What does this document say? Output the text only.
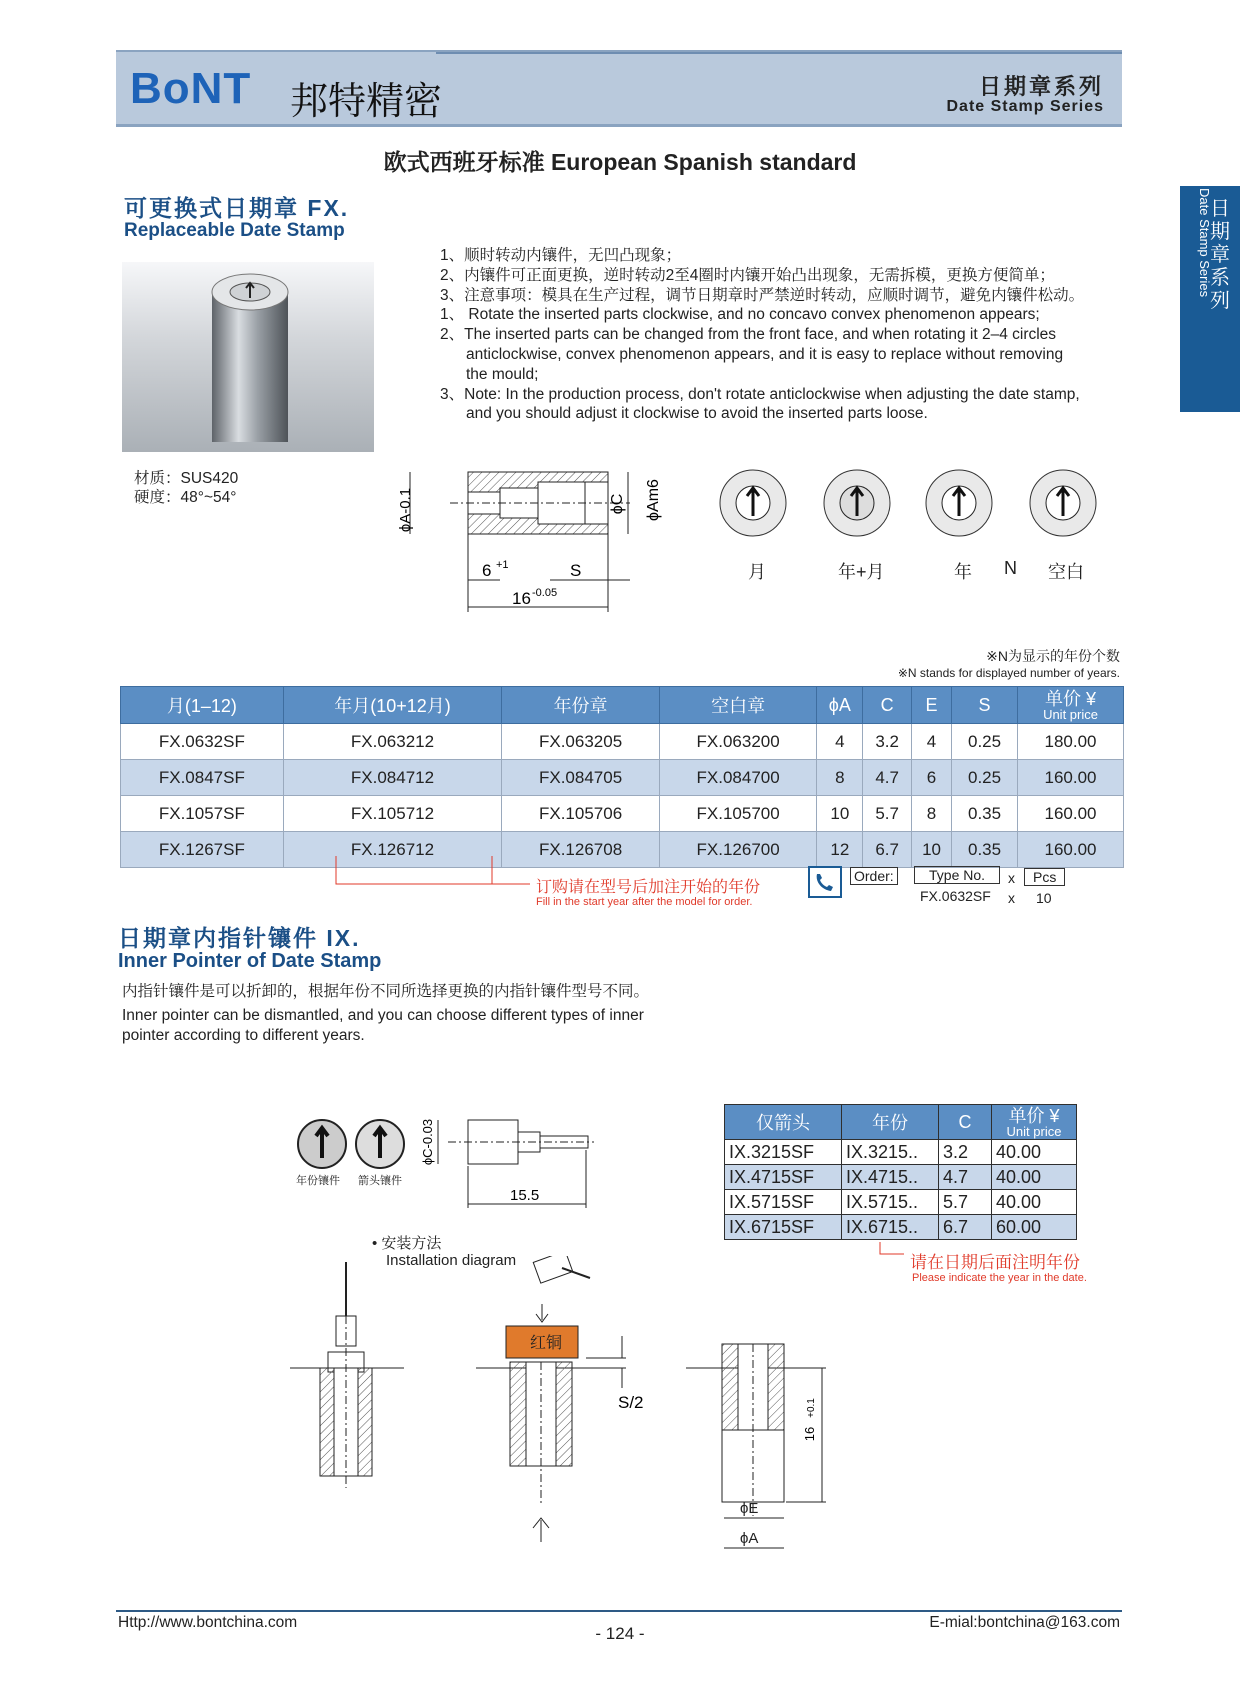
BoNT 邦特精密	日期章系列
Date Stamp Series
日期章系列
Date Stamp Series
欧式西班牙标准 European Spanish standard
可更换式日期章 FX.
Replaceable Date Stamp
1、顺时转动内镶件，无凹凸现象；
2、内镶件可正面更换，逆时转动2至4圈时内镶开始凸出现象，无需拆模，更换方便简单；
3、注意事项：模具在生产过程，调节日期章时严禁逆时转动，应顺时调节，避免内镶件松动。
1、 Rotate the inserted parts clockwise, and no concavo convex phenomenon appears;
2、The inserted parts can be changed from the front face, and when rotating it 2–4 circles
anticlockwise, convex phenomenon appears, and it is easy to replace without removing
the mould;
3、Note: In the production process, don't rotate anticlockwise when adjusting the date stamp,
and you should adjust it clockwise to avoid the inserted parts loose.
材质：SUS420
硬度：48°~54°	ϕA-0.1	ϕAm6
ϕC
6 +1	S
16 -0.05
月	年+月	年 N 空白
※N为显示的年份个数
※N stands for displayed number of years.
月(1–12)	年月(10+12月)	年份章	空白章	ϕA	C	E	S	单价 ¥
Unit price

FX.0632SF	FX.063212	FX.063205	FX.063200	4	3.2	4	0.25	180.00
FX.0847SF	FX.084712	FX.084705	FX.084700	8	4.7	6	0.25	160.00
FX.1057SF	FX.105712	FX.105706	FX.105700	10	5.7	8	0.35	160.00
FX.1267SF	FX.126712	FX.126708	FX.126700	12	6.7	10	0.35	160.00
订购请在型号后加注开始的年份
Fill in the start year after the model for order.
Order:	Type No.	x	Pcs
FX.0632SF x 10
日期章内指针镶件 IX.
Inner Pointer of Date Stamp
内指针镶件是可以折卸的，根据年份不同所选择更换的内指针镶件型号不同。
Inner pointer can be dismantled, and you can choose different types of inner
pointer according to different years.
年份镶件 箭头镶件
ϕC-0.03
15.5
仅箭头	年份	C	单价 ¥
Unit price

IX.3215SF	IX.3215..	3.2	40.00
IX.4715SF	IX.4715..	4.7	40.00
IX.5715SF	IX.5715..	5.7	40.00
IX.6715SF	IX.6715..	6.7	60.00
请在日期后面注明年份
Please indicate the year in the date.
• 安装方法
Installation diagram
红铜
S/2
16
+0.1
ϕE
ϕA
Http://www.bontchina.com
- 124 -
E-mial:bontchina@163.com
